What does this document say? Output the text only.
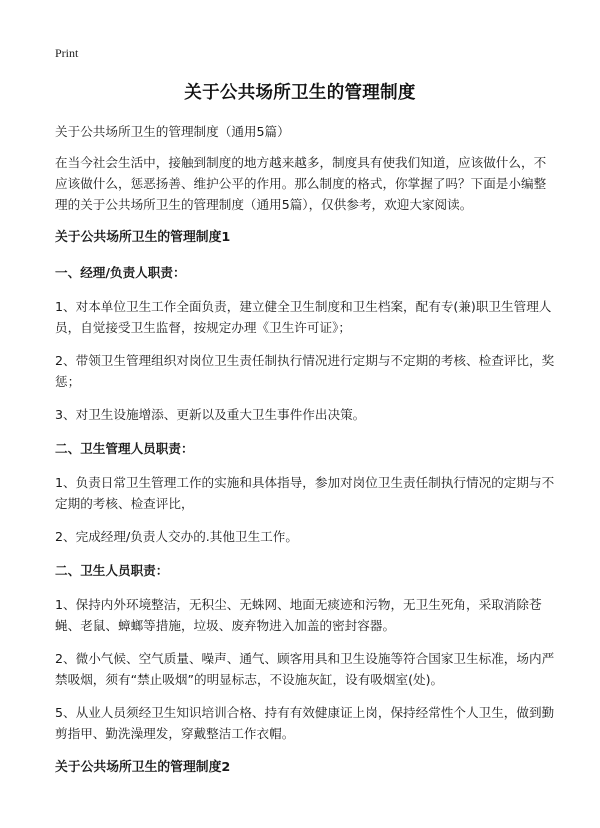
Print
关于公共场所卫生的管理制度

关于公共场所卫生的管理制度（通用5篇）

在当今社会生活中，接触到制度的地方越来越多，制度具有使我们知道，应该做什么，不应该做什么，惩恶扬善、维护公平的作用。那么制度的格式，你掌握了吗？下面是小编整理的关于公共场所卫生的管理制度（通用5篇），仅供参考，欢迎大家阅读。

关于公共场所卫生的管理制度1

一、经理/负责人职责：

1、对本单位卫生工作全面负责，建立健全卫生制度和卫生档案，配有专(兼)职卫生管理人员，自觉接受卫生监督，按规定办理《卫生许可证》；

2、带领卫生管理组织对岗位卫生责任制执行情况进行定期与不定期的考核、检查评比，奖惩；

3、对卫生设施增添、更新以及重大卫生事件作出决策。

二、卫生管理人员职责：

1、负责日常卫生管理工作的实施和具体指导，参加对岗位卫生责任制执行情况的定期与不定期的考核、检查评比，

2、完成经理/负责人交办的.其他卫生工作。

二、卫生人员职责：

1、保持内外环境整洁，无积尘、无蛛网、地面无痰迹和污物，无卫生死角，采取消除苍蝇、老鼠、蟑螂等措施，垃圾、废弃物进入加盖的密封容器。

2、微小气候、空气质量、噪声、通气、顾客用具和卫生设施等符合国家卫生标准，场内严禁吸烟，须有“禁止吸烟”的明显标志，不设施灰缸，设有吸烟室(处)。

5、从业人员须经卫生知识培训合格、持有有效健康证上岗，保持经常性个人卫生，做到勤剪指甲、勤洗澡理发，穿戴整洁工作衣帽。

关于公共场所卫生的管理制度2
